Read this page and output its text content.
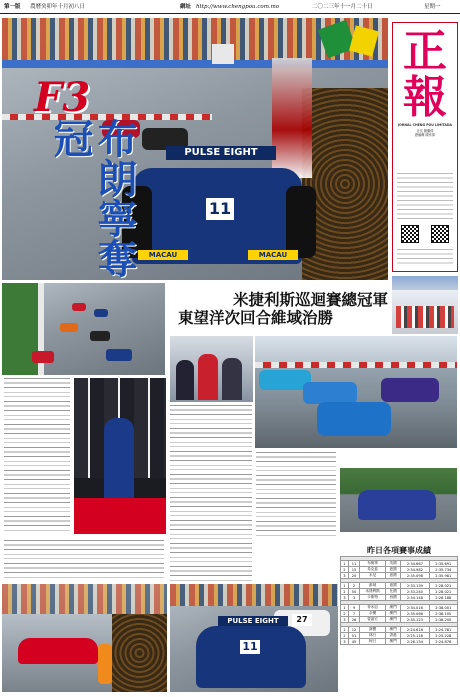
第一版 農曆癸卯年十月初八日	網址 http://www.chengpou.com.mo	二〇二三年十一月二十日	星期一
PULSE EIGHT
11
MACAU	MACAU
F3
布朗寧奪冠
正
報
JORNAL CHENG POU LIMITADA
社長 陳繼偉
總編輯 陳家偉
米捷利斯巡迴賽總冠軍
東望洋次回合維域治勝
27
PULSE EIGHT
11
昨日各項賽事成績

1	11	布朗寧	英國	2:34.667	2:35.691
2	15	希克茲	意國	2:34.982	2:35.734
3	20	米尼	意國	2:35.098	2:35.981

1	2	維域	意國	2:33.139	2:28.021
2	50	米捷利斯	比國	2:33.240	2:28.021
3	3	卡斯特	西國	2:34.148	2:28.188

1	9	麥米亞	澳門	2:34.016	2:38.001
2	7	余樂	澳門	2:35.066	2:38.100
3	26	曾嘉宏	澳門	2:35.123	2:38.200

1	12	謝寶	澳門	2:24.616	2:24.781
2	51	林日	香港	2:25.118	2:25.228
3	45	柯日	澳門	2:26.134	2:24.876
